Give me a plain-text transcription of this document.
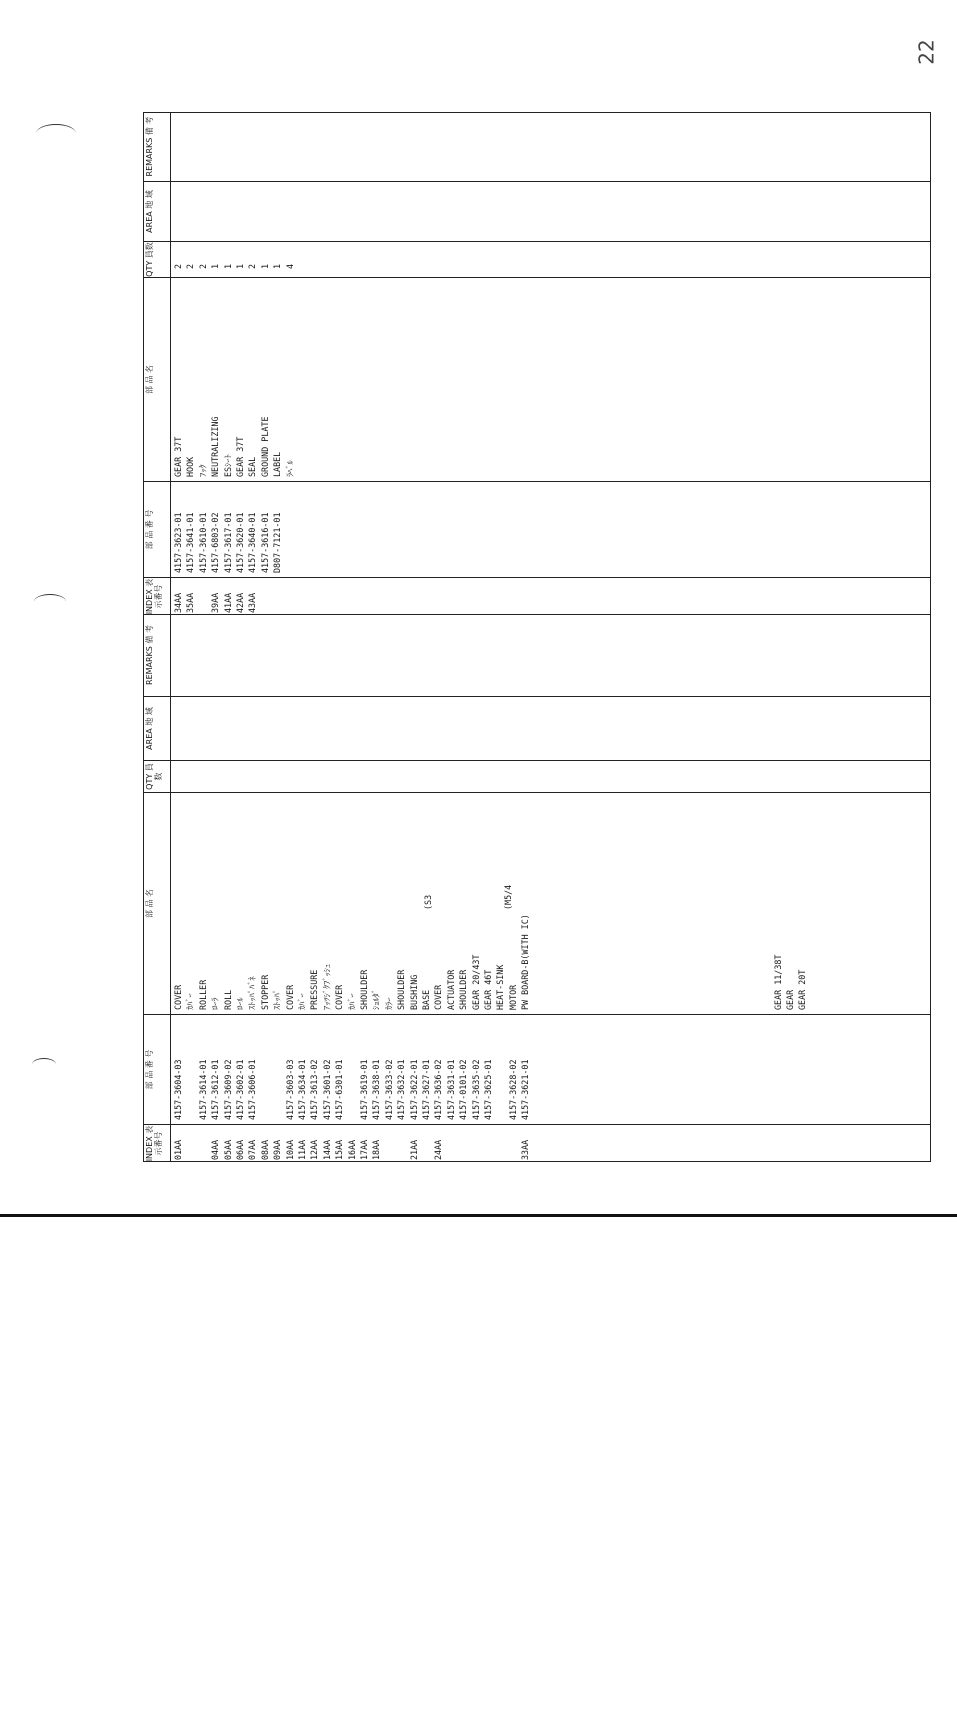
22
INDEX 表示番号
部 品 番 号
部 品 名
QTY 員数
AREA 地 域
REMARKS 備 考
01AA
4157-3604-03
COVER ｶﾊﾞｰ
4157-3614-01
ROLLER
04AA
4157-3612-01
ﾛｰﾗ
05AA
4157-3609-02
ROLL
06AA
4157-3602-01
ﾛｰﾙ
07AA
4157-3606-01
ｽﾄｯﾊﾟﾊﾞﾈ
08AA
STOPPER
09AA
ｽﾄｯﾊﾟ
10AA
4157-3603-03
COVER
11AA
4157-3634-01
ｶﾊﾞｰ
12AA
4157-3613-02
PRESSURE
14AA
4157-3601-02
ｱｯﾂｼﾞｸﾌﾞｯｼｭ
15AA
4157-6301-01
COVER
16AA
ｶﾊﾞｰ
17AA
4157-3619-01
SHOULDER
18AA
4157-3638-01
ｼｮﾙﾀﾞ
4157-3633-02
ｶﾗｰ
4157-3632-01
SHOULDER
21AA
4157-3622-01
BUSHING
4157-3627-01
BASE
24AA
4157-3636-02
COVER
4157-3631-01
ACTUATOR
4157-0101-02
SHOULDER
4157-3635-02
GEAR 20/43T
4157-3625-01
GEAR 46T HEAT-SINK
4157-3628-02
MOTOR
33AA
4157-3621-01
PW BOARD-B(WITH IC)	GEAR 11/38T GEAR GEAR 20T
(M5/4
(S3
INDEX 表示番号
部 品 番 号
部 品 名
QTY 員数
AREA 地 域
REMARKS 備 考
34AA
4157-3623-01
GEAR 37T
2
35AA
4157-3641-01
HOOK
2
4157-3610-01
ﾌｯｸ
2
39AA
4157-6803-02
NEUTRALIZING
1
41AA
4157-3617-01
ESｼｰﾄ
1
42AA
4157-3620-01
GEAR 37T
1
43AA
4157-3640-01
SEAL
2
4157-3616-01
GROUND PLATE
1
D807-7121-01
LABEL
1
ﾗﾍﾞﾙ
4
